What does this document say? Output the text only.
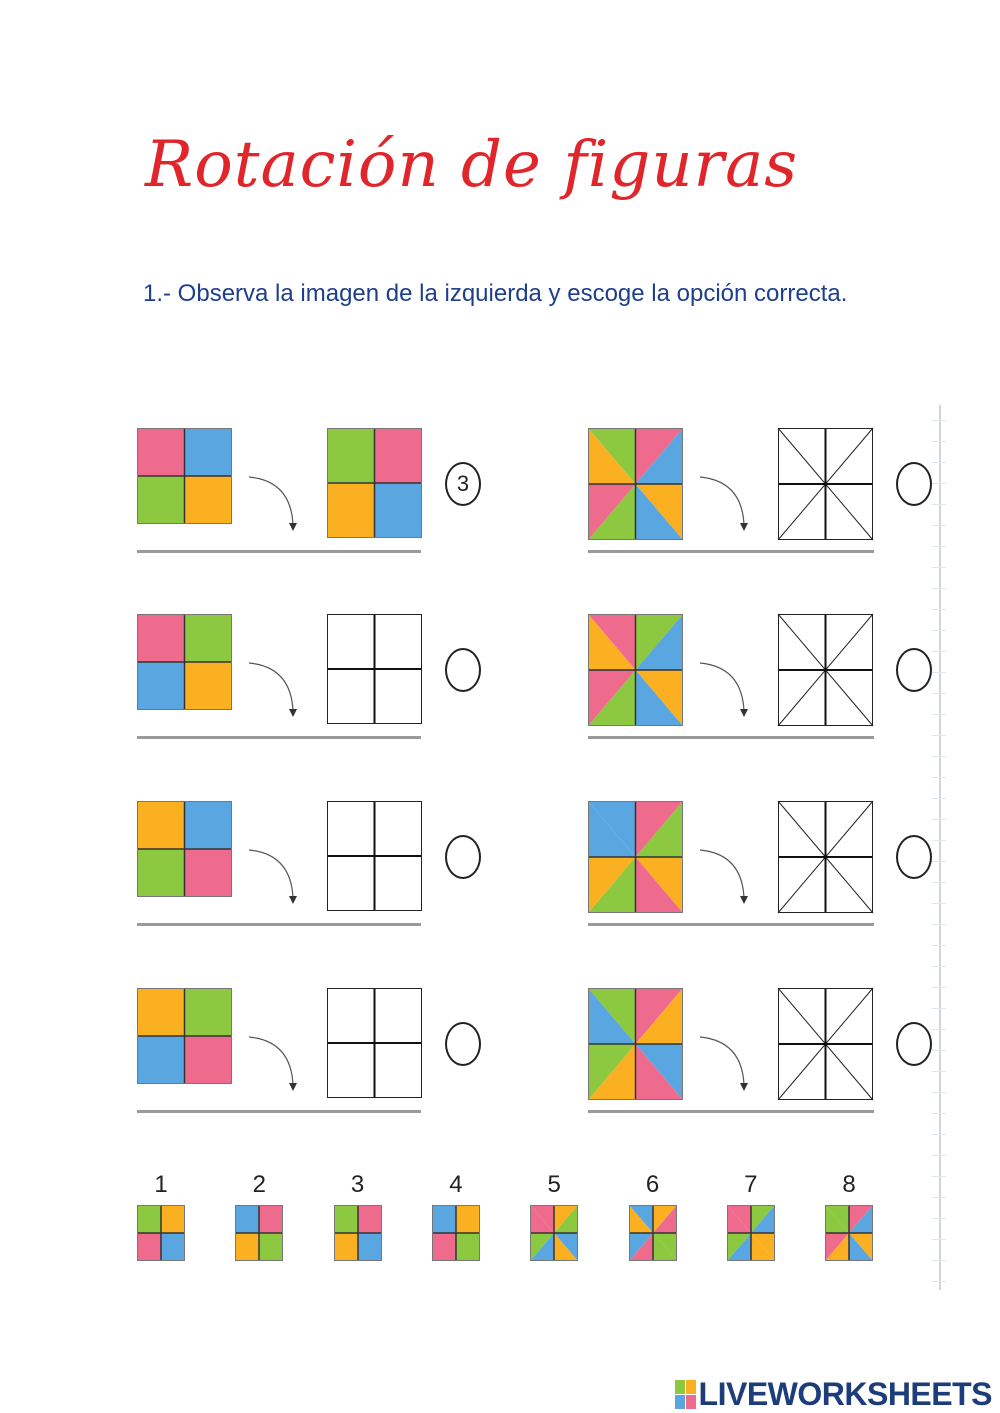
Rotación de figuras
1.- Observa la imagen de la izquierda y escoge la opción correcta.
3
1	2	3	4	5	6	7	8
LIVEWORKSHEETS
